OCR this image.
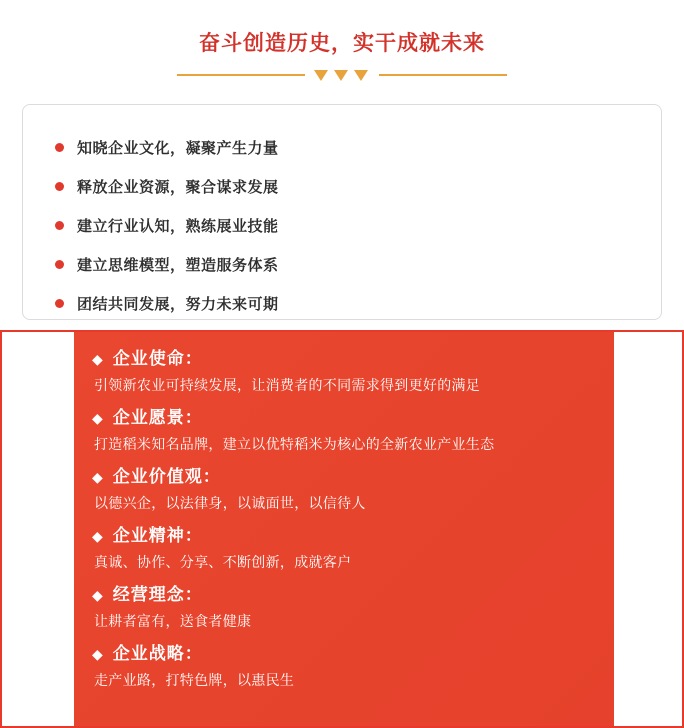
奋斗创造历史，实干成就未来
知晓企业文化，凝聚产生力量
释放企业资源，聚合谋求发展
建立行业认知，熟练展业技能
建立思维模型，塑造服务体系
团结共同发展，努力未来可期
◆ 企业使命：
引领新农业可持续发展，让消费者的不同需求得到更好的满足
◆ 企业愿景：
打造稻米知名品牌，建立以优特稻米为核心的全新农业产业生态
◆ 企业价值观：
以德兴企，以法律身，以诚面世，以信待人
◆ 企业精神：
真诚、协作、分享、不断创新，成就客户
◆ 经营理念：
让耕者富有，送食者健康
◆ 企业战略：
走产业路，打特色牌，以惠民生
